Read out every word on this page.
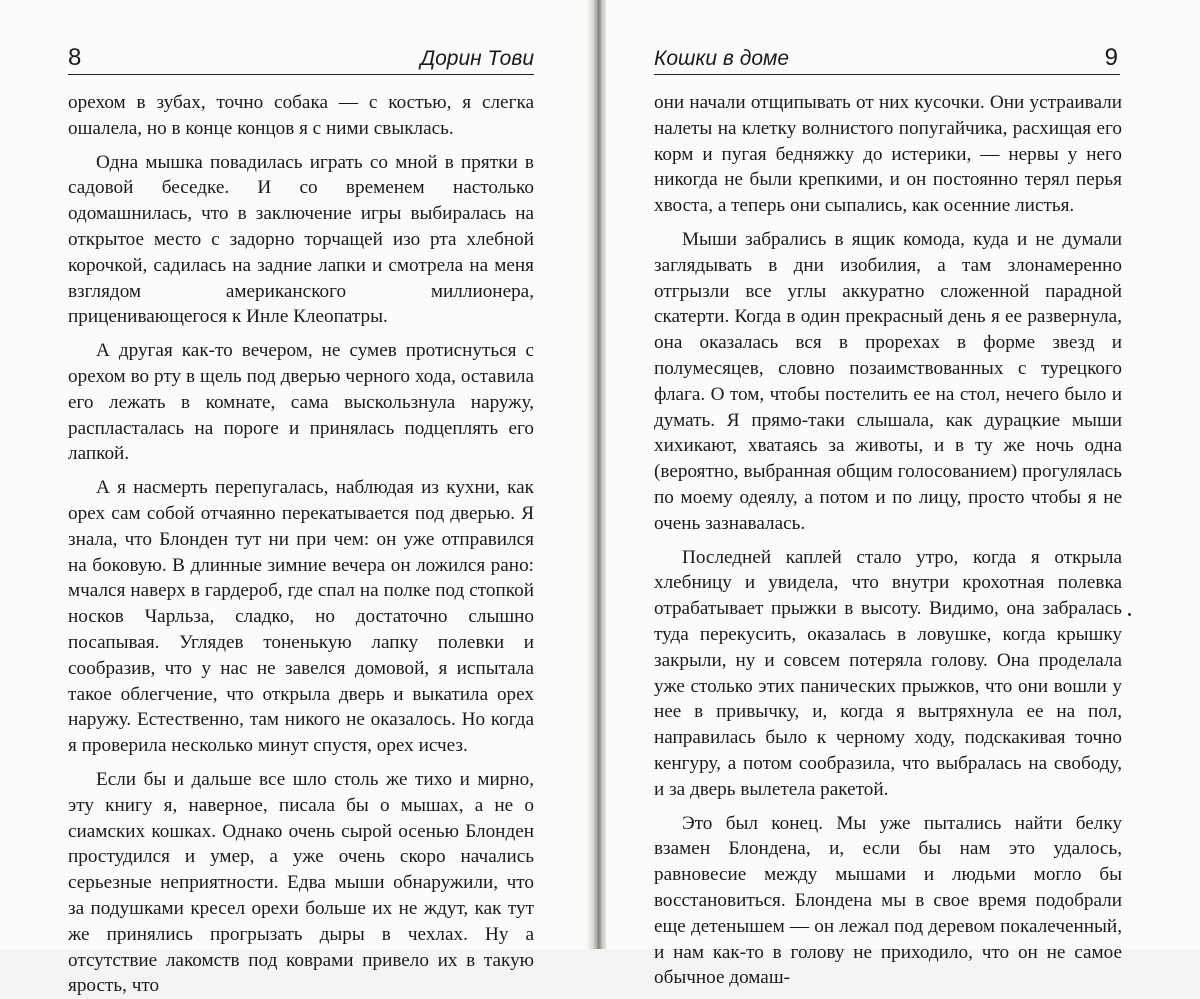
8	Дорин Тови

орехом в зубах, точно собака — с костью, я слегка ошалела, но в конце концов я с ними свыклась.

Одна мышка повадилась играть со мной в прятки в садовой беседке. И со временем настолько одомашнилась, что в заключение игры выбиралась на открытое место с задорно торчащей изо рта хлебной корочкой, садилась на задние лапки и смотрела на меня взглядом американского миллионера, приценивающегося к Инле Клеопатры.

А другая как-то вечером, не сумев протиснуться с орехом во рту в щель под дверью черного хода, оставила его лежать в комнате, сама выскользнула наружу, распласталась на пороге и принялась подцеплять его лапкой.

А я насмерть перепугалась, наблюдая из кухни, как орех сам собой отчаянно перекатывается под дверью. Я знала, что Блонден тут ни при чем: он уже отправился на боковую. В длинные зимние вечера он ложился рано: мчался наверх в гардероб, где спал на полке под стопкой носков Чарльза, сладко, но достаточно слышно посапывая. Углядев тоненькую лапку полевки и сообразив, что у нас не завелся домовой, я испытала такое облегчение, что открыла дверь и выкатила орех наружу. Естественно, там никого не оказалось. Но когда я проверила несколько минут спустя, орех исчез.

Если бы и дальше все шло столь же тихо и мирно, эту книгу я, наверное, писала бы о мышах, а не о сиамских кошках. Однако очень сырой осенью Блонден простудился и умер, а уже очень скоро начались серьезные неприятности. Едва мыши обнаружили, что за подушками кресел орехи больше их не ждут, как тут же принялись прогрызать дыры в чехлах. Ну а отсутствие лакомств под коврами привело их в такую ярость, что

Кошки в доме	9

они начали отщипывать от них кусочки. Они устраивали налеты на клетку волнистого попугайчика, расхищая его корм и пугая бедняжку до истерики, — нервы у него никогда не были крепкими, и он постоянно терял перья хвоста, а теперь они сыпались, как осенние листья.

Мыши забрались в ящик комода, куда и не думали заглядывать в дни изобилия, а там злонамеренно отгрызли все углы аккуратно сложенной парадной скатерти. Когда в один прекрасный день я ее развернула, она оказалась вся в прорехах в форме звезд и полумесяцев, словно позаимствованных с турецкого флага. О том, чтобы постелить ее на стол, нечего было и думать. Я прямо-таки слышала, как дурацкие мыши хихикают, хватаясь за животы, и в ту же ночь одна (вероятно, выбранная общим голосованием) прогулялась по моему одеялу, а потом и по лицу, просто чтобы я не очень зазнавалась.

Последней каплей стало утро, когда я открыла хлебницу и увидела, что внутри крохотная полевка отрабатывает прыжки в высоту. Видимо, она забралась туда перекусить, оказалась в ловушке, когда крышку закрыли, ну и совсем потеряла голову. Она проделала уже столько этих панических прыжков, что они вошли у нее в привычку, и, когда я вытряхнула ее на пол, направилась было к черному ходу, подскакивая точно кенгуру, а потом сообразила, что выбралась на свободу, и за дверь вылетела ракетой.

Это был конец. Мы уже пытались найти белку взамен Блондена, и, если бы нам это удалось, равновесие между мышами и людьми могло бы восстановиться. Блондена мы в свое время подобрали еще детенышем — он лежал под деревом покалеченный, и нам как-то в голову не приходило, что он не самое обычное домаш-
